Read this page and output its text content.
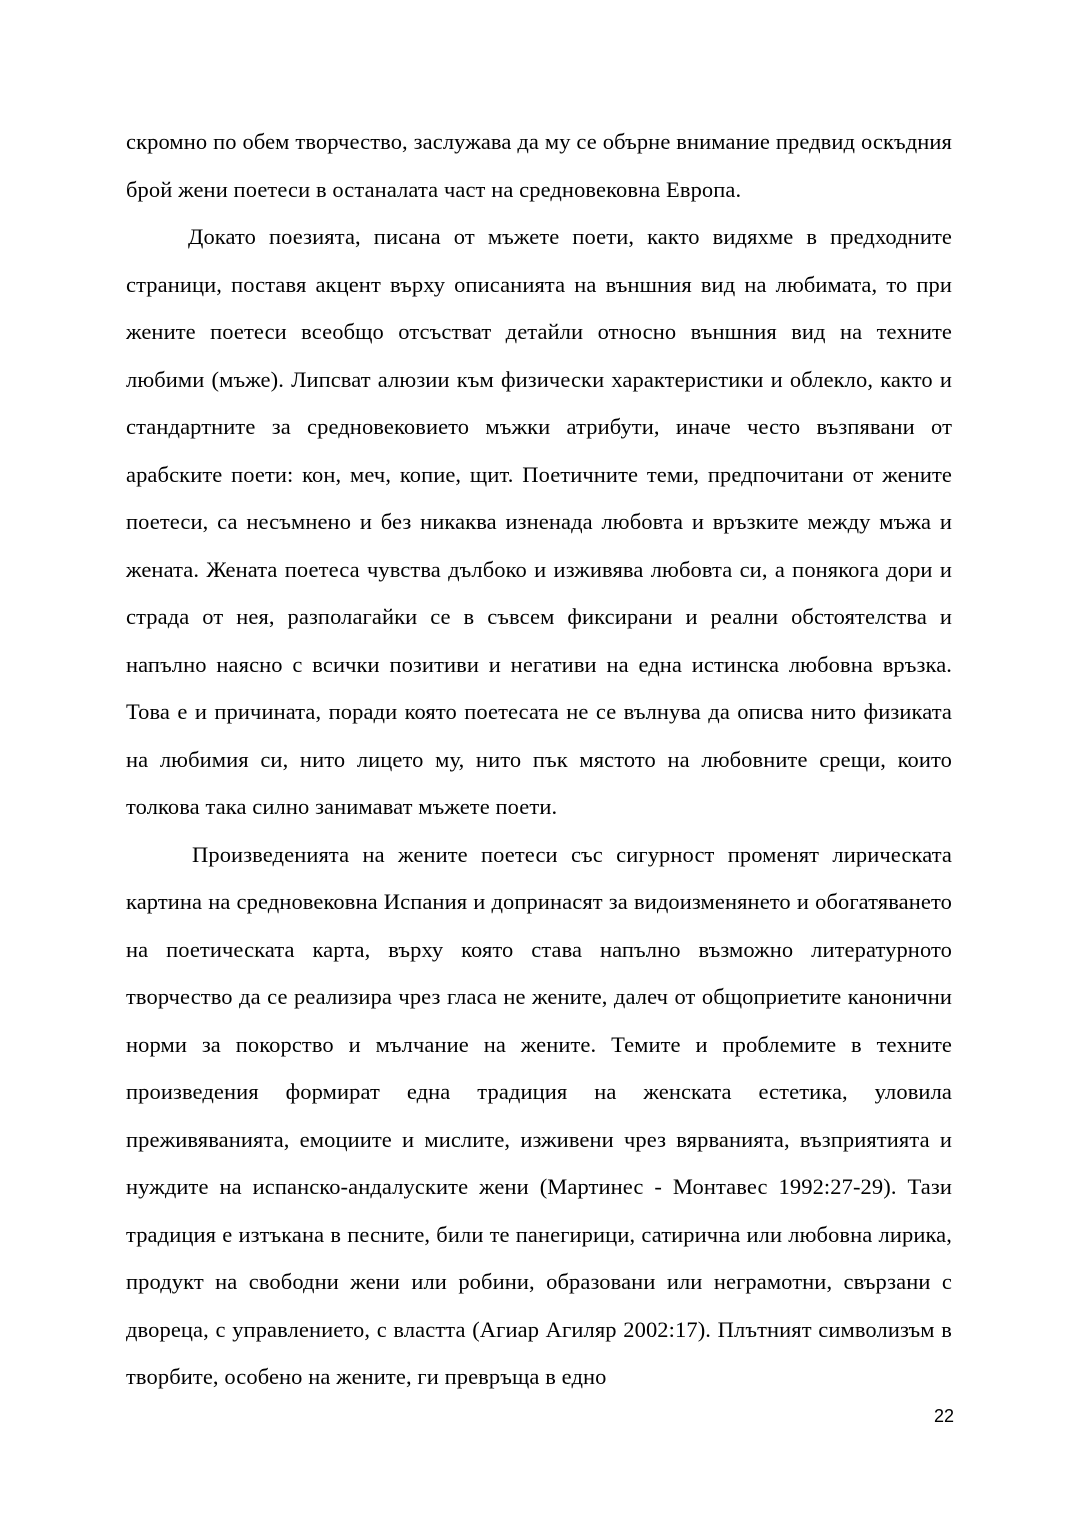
скромно по обем творчество, заслужава да му се обърне внимание предвид оскъдния брой жени поетеси в останалата част на средновековна Европа.

Докато поезията, писана от мъжете поети, както видяхме в предходните страници, поставя акцент върху описанията на външния вид на любимата, то при жените поетеси всеобщо отсъстват детайли относно външния вид на техните любими (мъже). Липсват алюзии към физически характеристики и облекло, както и стандартните за средновековието мъжки атрибути, иначе често възпявани от арабските поети: кон, меч, копие, щит. Поетичните теми, предпочитани от жените поетеси, са несъмнено и без никаква изненада любовта и връзките между мъжа и жената. Жената поетеса чувства дълбоко и изживява любовта си, а понякога дори и страда от нея, разполагайки се в съвсем фиксирани и реални обстоятелства и напълно наясно с всички позитиви и негативи на една истинска любовна връзка. Това е и причината, поради която поетесата не се вълнува да описва нито физиката на любимия си, нито лицето му, нито пък мястото на любовните срещи, които толкова така силно занимават мъжете поети.

Произведенията на жените поетеси със сигурност променят лирическата картина на средновековна Испания и допринасят за видоизменянето и обогатяването на поетическата карта, върху която става напълно възможно литературното творчество да се реализира чрез гласа не жените, далеч от общоприетите канонични норми за покорство и мълчание на жените. Темите и проблемите в техните произведения формират една традиция на женската естетика, уловила преживяванията, емоциите и мислите, изживени чрез вярванията, възприятията и нуждите на испанско-андалуските жени (Мартинес - Монтавес 1992:27-29). Тази традиция е изтъкана в песните, били те панегирици, сатирична или любовна лирика, продукт на свободни жени или робини, образовани или неграмотни, свързани с двореца, с управлението, с властта (Агиар Агиляр 2002:17). Плътният символизъм в творбите, особено на жените, ги превръща в едно

22
